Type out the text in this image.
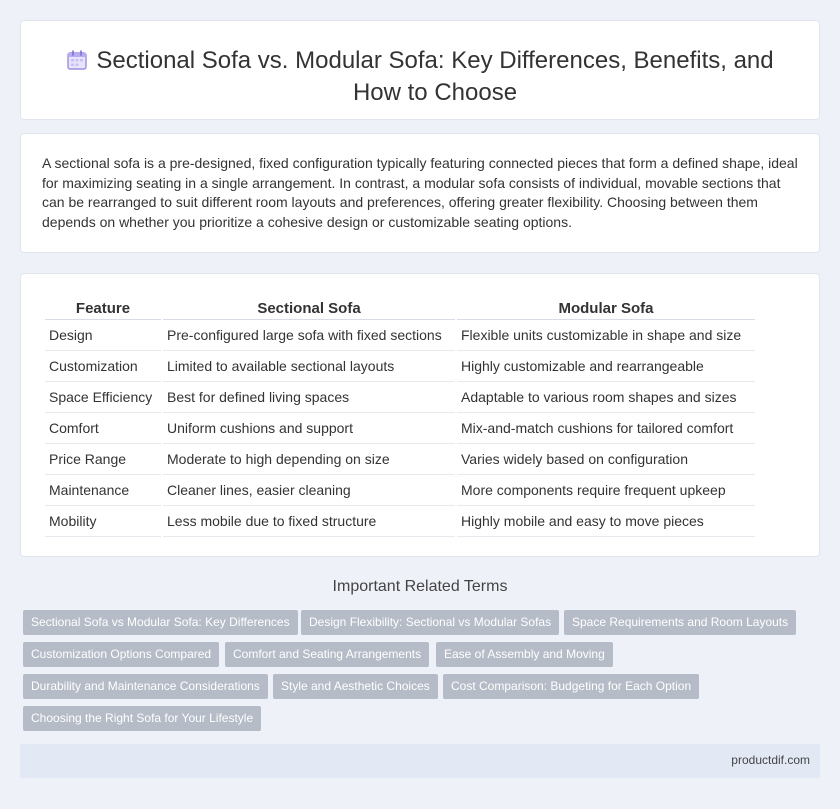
Sectional Sofa vs. Modular Sofa: Key Differences, Benefits, and How to Choose

A sectional sofa is a pre-designed, fixed configuration typically featuring connected pieces that form a defined shape, ideal for maximizing seating in a single arrangement. In contrast, a modular sofa consists of individual, movable sections that can be rearranged to suit different room layouts and preferences, offering greater flexibility. Choosing between them depends on whether you prioritize a cohesive design or customizable seating options.

Feature	Sectional Sofa	Modular Sofa
Design	Pre-configured large sofa with fixed sections	Flexible units customizable in shape and size
Customization	Limited to available sectional layouts	Highly customizable and rearrangeable
Space Efficiency	Best for defined living spaces	Adaptable to various room shapes and sizes
Comfort	Uniform cushions and support	Mix-and-match cushions for tailored comfort
Price Range	Moderate to high depending on size	Varies widely based on configuration
Maintenance	Cleaner lines, easier cleaning	More components require frequent upkeep
Mobility	Less mobile due to fixed structure	Highly mobile and easy to move pieces
Important Related Terms
Sectional Sofa vs Modular Sofa: Key Differences	Design Flexibility: Sectional vs Modular Sofas	Space Requirements and Room Layouts
Customization Options Compared	Comfort and Seating Arrangements	Ease of Assembly and Moving
Durability and Maintenance Considerations	Style and Aesthetic Choices	Cost Comparison: Budgeting for Each Option
Choosing the Right Sofa for Your Lifestyle
productdif.com
